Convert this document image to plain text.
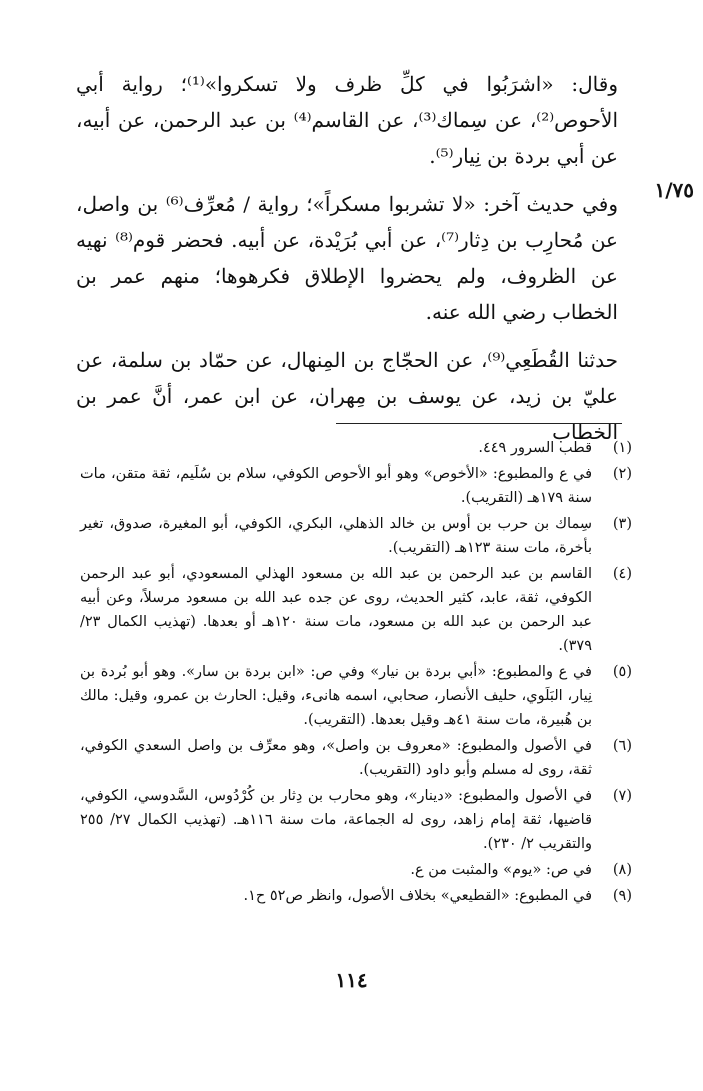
١/٧٥

وقال: «اشرَبُوا في كلِّ ظرف ولا تسكروا»⁽¹⁾؛ رواية أبي الأحوص⁽²⁾، عن سِماك⁽³⁾، عن القاسم⁽⁴⁾ بن عبد الرحمن، عن أبيه، عن أبي بردة بن نِيار⁽⁵⁾.

وفي حديث آخر: «لا تشربوا مسكراً»؛ رواية / مُعرِّف⁽⁶⁾ بن واصل، عن مُحارِب بن دِثار⁽⁷⁾، عن أبي بُرَيْدة، عن أبيه. فحضر قوم⁽⁸⁾ نهيه عن الظروف، ولم يحضروا الإطلاق فكرهوها؛ منهم عمر بن الخطاب رضي الله عنه.

حدثنا القُطَعِي⁽⁹⁾، عن الحجّاج بن المِنهال، عن حمّاد بن سلمة، عن عليّ بن زيد، عن يوسف بن مِهران، عن ابن عمر، أنَّ عمر بن الخطاب

(١)
قطب السرور ٤٤٩.
(٢)
في ع والمطبوع: «الأخوص» وهو أبو الأحوص الكوفي، سلام بن سُلَيم، ثقة متقن، مات سنة ١٧٩هـ (التقريب).
(٣)
سِماك بن حرب بن أوس بن خالد الذهلي، البكري، الكوفي، أبو المغيرة، صدوق، تغير بأخرة، مات سنة ١٢٣هـ (التقريب).
(٤)
القاسم بن عبد الرحمن بن عبد الله بن مسعود الهذلي المسعودي، أبو عبد الرحمن الكوفي، ثقة، عابد، كثير الحديث، روى عن جده عبد الله بن مسعود مرسلاً، وعن أبيه عبد الرحمن بن عبد الله بن مسعود، مات سنة ١٢٠هـ أو بعدها. (تهذيب الكمال ٢٣/ ٣٧٩).
(٥)
في ع والمطبوع: «أبي بردة بن نيار» وفي ص: «ابن بردة بن سار». وهو أبو بُردة بن نِيار، البَلَوي، حليف الأنصار، صحابي، اسمه هانىء، وقيل: الحارث بن عمرو، وقيل: مالك بن هُبيرة، مات سنة ٤١هـ وقيل بعدها. (التقريب).
(٦)
في الأصول والمطبوع: «معروف بن واصل»، وهو معرِّف بن واصل السعدي الكوفي، ثقة، روى له مسلم وأبو داود (التقريب).
(٧)
في الأصول والمطبوع: «دينار»، وهو محارب بن دِثار بن كُرْدُوس، السَّدوسي، الكوفي، قاضيها، ثقة إمام زاهد، روى له الجماعة، مات سنة ١١٦هـ. (تهذيب الكمال ٢٧/ ٢٥٥ والتقريب ٢/ ٢٣٠).
(٨)
في ص: «يوم» والمثبت من ع.
(٩)
في المطبوع: «القطيعي» بخلاف الأصول، وانظر ص٥٢ ح١.
١١٤
